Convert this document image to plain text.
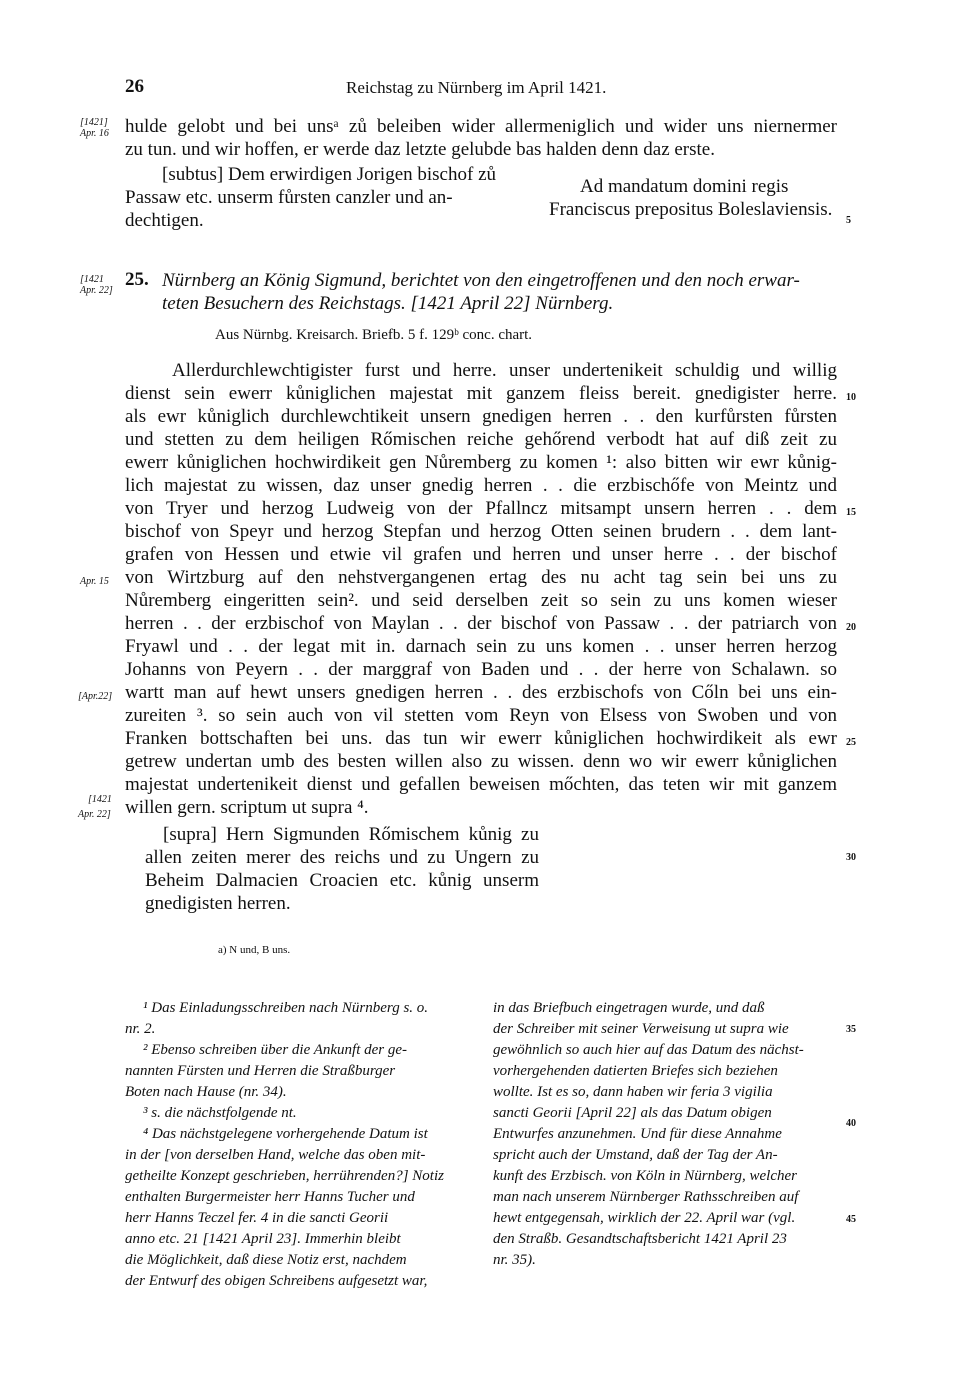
26	Reichstag zu Nürnberg im April 1421.
[1421]
Apr. 16 hulde gelobt und bei unsᵃ zů beleiben wider allermeniglich und wider uns niernermer
zu tun. und wir hoffen, er werde daz letzte gelubde bas halden denn daz erste.
[subtus] Dem erwirdigen Jorigen bischof zů
Passaw etc. unserm fůrsten canzler und an-
dechtigen.
Ad mandatum domini regis
Franciscus prepositus Boleslaviensis.
5
[1421
Apr. 22]
25. Nürnberg an König Sigmund, berichtet von den eingetroffenen und den noch erwar-
teten Besuchern des Reichstags. [1421 April 22] Nürnberg.
Aus Nürnbg. Kreisarch. Briefb. 5 f. 129ᵇ conc. chart.
Allerdurchlewchtigister furst und herre. unser undertenikeit schuldig und willig
dienst sein ewerr kůniglichen majestat mit ganzem fleiss bereit. gnedigister herre.
als ewr kůniglich durchlewchtikeit unsern gnedigen herren . . den kurfůrsten fůrsten
und stetten zu dem heiligen Rőmischen reiche gehőrend verbodt hat auf diß zeit zu
ewerr kůniglichen hochwirdikeit gen Nůremberg zu komen ¹: also bitten wir ewr kůnig-
lich majestat zu wissen, daz unser gnedig herren . . die erzbischőfe von Meintz und
von Tryer und herzog Ludweig von der Pfallncz mitsampt unsern herren . . dem
bischof von Speyr und herzog Stepfan und herzog Otten seinen brudern . . dem lant-
grafen von Hessen und etwie vil grafen und herren und unser herre . . der bischof
von Wirtzburg auf den nehstvergangenen ertag des nu acht tag sein bei uns zu
Nůremberg eingeritten sein². und seid derselben zeit so sein zu uns komen wieser
herren . . der erzbischof von Maylan . . der bischof von Passaw . . der patriarch von
Fryawl und . . der legat mit in. darnach sein zu uns komen . . unser herren herzog
Johanns von Peyern . . der marggraf von Baden und . . der herre von Schalawn. so
wartt man auf hewt unsers gnedigen herren . . des erzbischofs von Cőln bei uns ein-
zureiten ³. so sein auch von vil stetten vom Reyn von Elsess von Swoben und von
Franken bottschaften bei uns. das tun wir ewerr kůniglichen hochwirdikeit als ewr
getrew undertan umb des besten willen also zu wissen. denn wo wir ewerr kůniglichen
majestat undertenikeit dienst und gefallen beweisen mőchten, das teten wir mit ganzem
willen gern. scriptum ut supra ⁴.
Apr. 15
[Apr.22]
[1421
Apr. 22]
10
15
20
25
30
[supra] Hern Sigmunden Rőmischem kůnig zu
allen zeiten merer des reichs und zu Ungern zu
Beheim Dalmacien Croacien etc. kůnig unserm
gnedigisten herren.
a) N und, B uns.
¹ Das Einladungsschreiben nach Nürnberg s. o.
nr. 2.
² Ebenso schreiben über die Ankunft der ge-
nannten Fürsten und Herren die Straßburger
Boten nach Hause (nr. 34).
³ s. die nächstfolgende nt.
⁴ Das nächstgelegene vorhergehende Datum ist
in der [von derselben Hand, welche das oben mit-
getheilte Konzept geschrieben, herrührenden?] Notiz
enthalten Burgermeister herr Hanns Tucher und
herr Hanns Teczel fer. 4 in die sancti Georii
anno etc. 21 [1421 April 23]. Immerhin bleibt
die Möglichkeit, daß diese Notiz erst, nachdem
der Entwurf des obigen Schreibens aufgesetzt war,
in das Briefbuch eingetragen wurde, und daß
der Schreiber mit seiner Verweisung ut supra wie
gewöhnlich so auch hier auf das Datum des nächst-
vorhergehenden datierten Briefes sich beziehen
wollte. Ist es so, dann haben wir feria 3 vigilia
sancti Georii [April 22] als das Datum obigen
Entwurfes anzunehmen. Und für diese Annahme
spricht auch der Umstand, daß der Tag der An-
kunft des Erzbisch. von Köln in Nürnberg, welcher
man nach unserem Nürnberger Rathsschreiben auf
hewt entgegensah, wirklich der 22. April war (vgl.
den Straßb. Gesandtschaftsbericht 1421 April 23
nr. 35).
35
40
45
